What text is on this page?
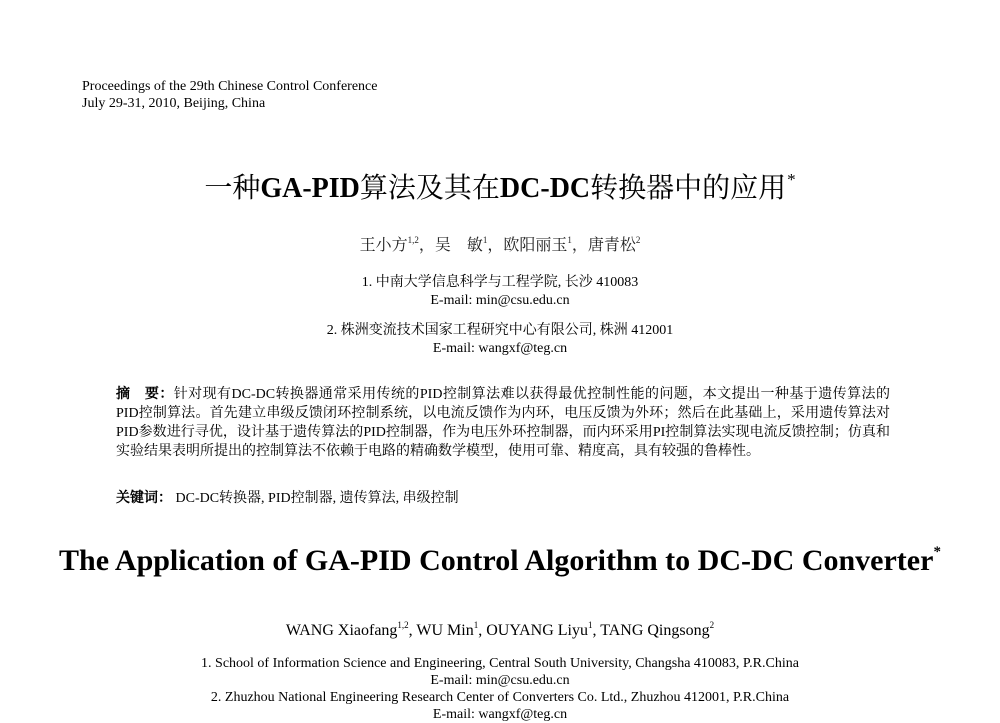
Proceedings of the 29th Chinese Control Conference
July 29-31, 2010, Beijing, China
一种GA-PID算法及其在DC-DC转换器中的应用*
王小方$^{1,2}$，吴　敏$^1$，欧阳丽玉$^1$，唐青松$^2$
1. 中南大学信息科学与工程学院, 长沙 410083
E-mail: min@csu.edu.cn
2. 株洲变流技术国家工程研究中心有限公司, 株洲 412001
E-mail: wangxf@teg.cn
摘　要：针对现有DC-DC转换器通常采用传统的PID控制算法难以获得最优控制性能的问题，本文提出一种基于遗传算法的PID控制算法。首先建立串级反馈闭环控制系统，以电流反馈作为内环，电压反馈为外环；然后在此基础上，采用遗传算法对PID参数进行寻优，设计基于遗传算法的PID控制器，作为电压外环控制器，而内环采用PI控制算法实现电流反馈控制；仿真和实验结果表明所提出的控制算法不依赖于电路的精确数学模型，使用可靠、精度高，具有较强的鲁棒性。
关键词： DC-DC转换器, PID控制器, 遗传算法, 串级控制
The Application of GA-PID Control Algorithm to DC-DC Converter*
WANG Xiaofang$^{1,2}$, WU Min$^1$, OUYANG Liyu$^1$, TANG Qingsong$^2$
1. School of Information Science and Engineering, Central South University, Changsha 410083, P.R.China
E-mail: min@csu.edu.cn
2. Zhuzhou National Engineering Research Center of Converters Co. Ltd., Zhuzhou 412001, P.R.China
E-mail: wangxf@teg.cn
